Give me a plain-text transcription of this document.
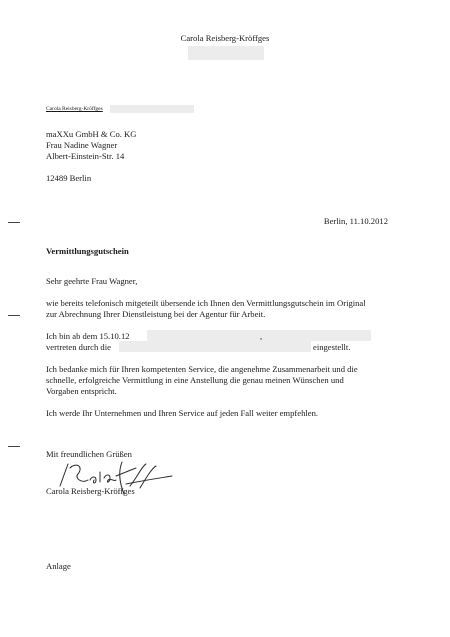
Carola Reisberg-Kröffges
Carola Reisberg-Kröffges
maXXu GmbH & Co. KG
Frau Nadine Wagner
Albert-Einstein-Str. 14
12489 Berlin
Berlin, 11.10.2012
Vermittlungsgutschein
Sehr geehrte Frau Wagner,
wie bereits telefonisch mitgeteilt übersende ich Ihnen den Vermittlungsgutschein im Original
zur Abrechnung Ihrer Dienstleistung bei der Agentur für Arbeit.
Ich bin ab dem 15.10.12	,
vertreten durch die	eingestellt.
Ich bedanke mich für Ihren kompetenten Service, die angenehme Zusammenarbeit und die
schnelle, erfolgreiche Vermittlung in eine Anstellung die genau meinen Wünschen und
Vorgaben entspricht.
Ich werde Ihr Unternehmen und Ihren Service auf jeden Fall weiter empfehlen.
Mit freundlichen Grüßen
Carola Reisberg-Kröffges
Anlage
